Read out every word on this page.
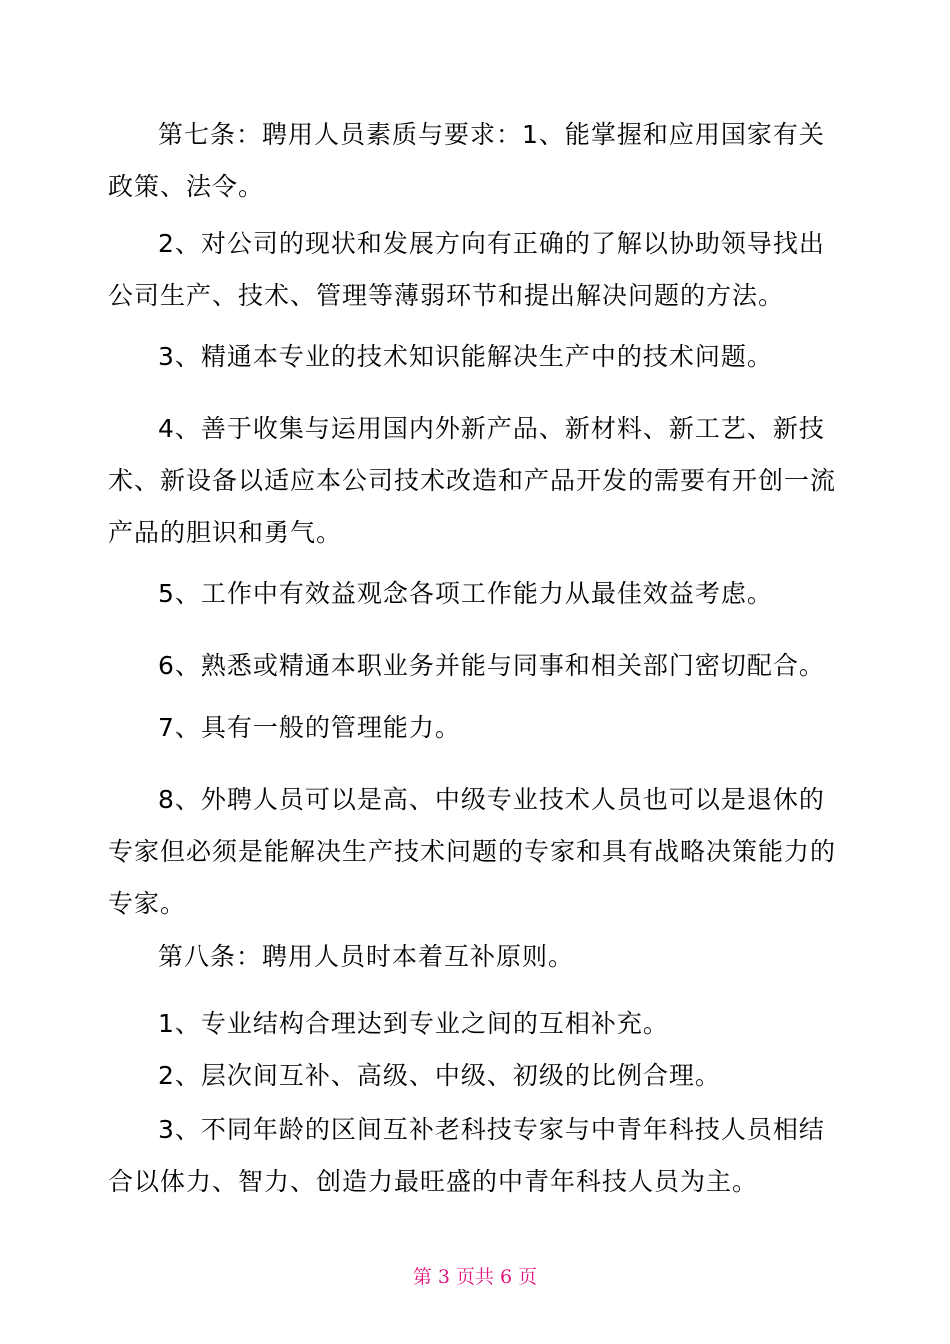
第七条：聘用人员素质与要求：1、能掌握和应用国家有关政策、法令。

2、对公司的现状和发展方向有正确的了解以协助领导找出公司生产、技术、管理等薄弱环节和提出解决问题的方法。

3、精通本专业的技术知识能解决生产中的技术问题。

4、善于收集与运用国内外新产品、新材料、新工艺、新技术、新设备以适应本公司技术改造和产品开发的需要有开创一流产品的胆识和勇气。

5、工作中有效益观念各项工作能力从最佳效益考虑。

6、熟悉或精通本职业务并能与同事和相关部门密切配合。

7、具有一般的管理能力。

8、外聘人员可以是高、中级专业技术人员也可以是退休的专家但必须是能解决生产技术问题的专家和具有战略决策能力的专家。

第八条：聘用人员时本着互补原则。

1、专业结构合理达到专业之间的互相补充。

2、层次间互补、高级、中级、初级的比例合理。

3、不同年龄的区间互补老科技专家与中青年科技人员相结合以体力、智力、创造力最旺盛的中青年科技人员为主。

第 3 页共 6 页
